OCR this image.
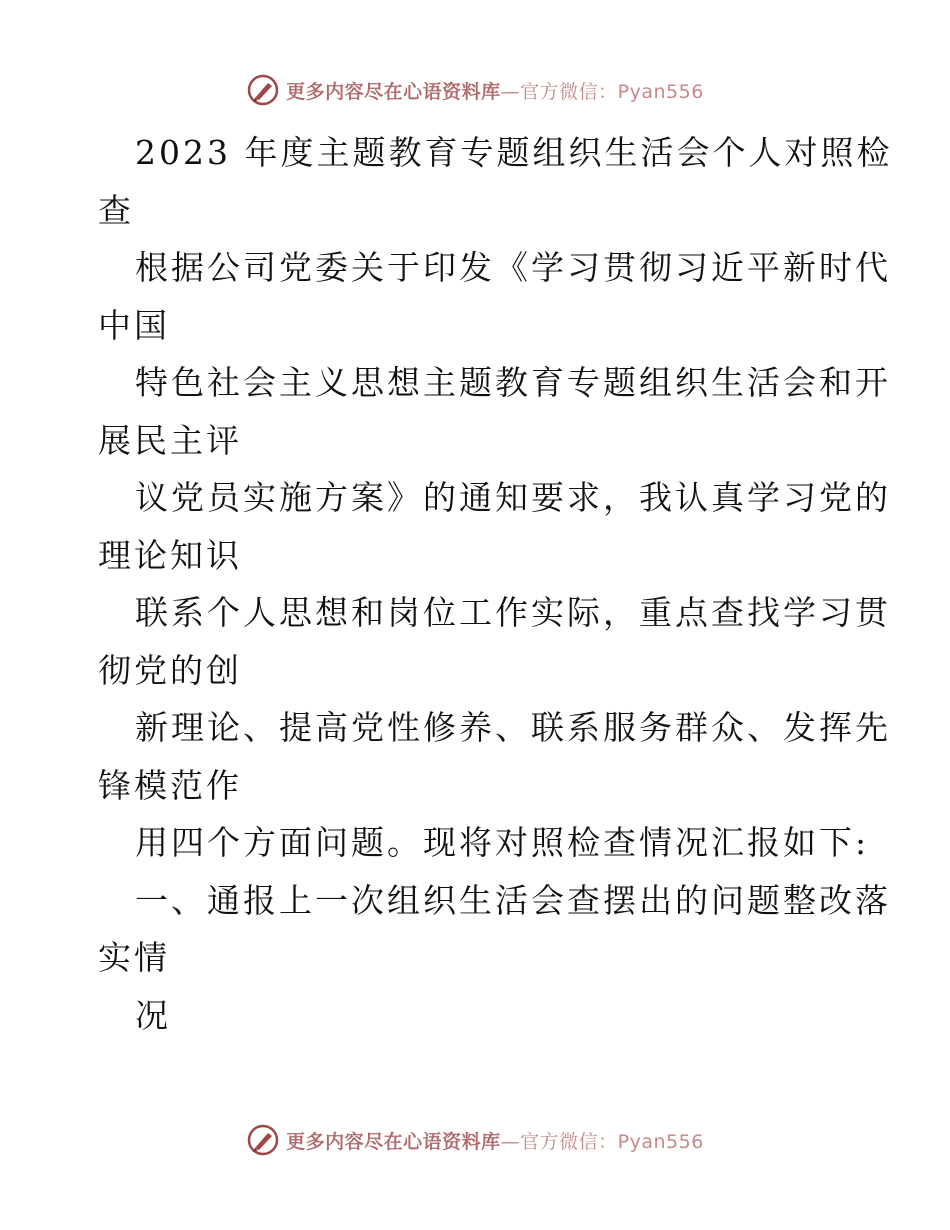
更多内容尽在心语资料库—官方微信：Pyan556
2023 年度主题教育专题组织生活会个人对照检
查
根据公司党委关于印发《学习贯彻习近平新时代
中国
特色社会主义思想主题教育专题组织生活会和开
展民主评
议党员实施方案》的通知要求，我认真学习党的
理论知识
联系个人思想和岗位工作实际，重点查找学习贯
彻党的创
新理论、提高党性修养、联系服务群众、发挥先
锋模范作
用四个方面问题。现将对照检查情况汇报如下:
一、通报上一次组织生活会查摆出的问题整改落
实情
况
更多内容尽在心语资料库—官方微信：Pyan556
